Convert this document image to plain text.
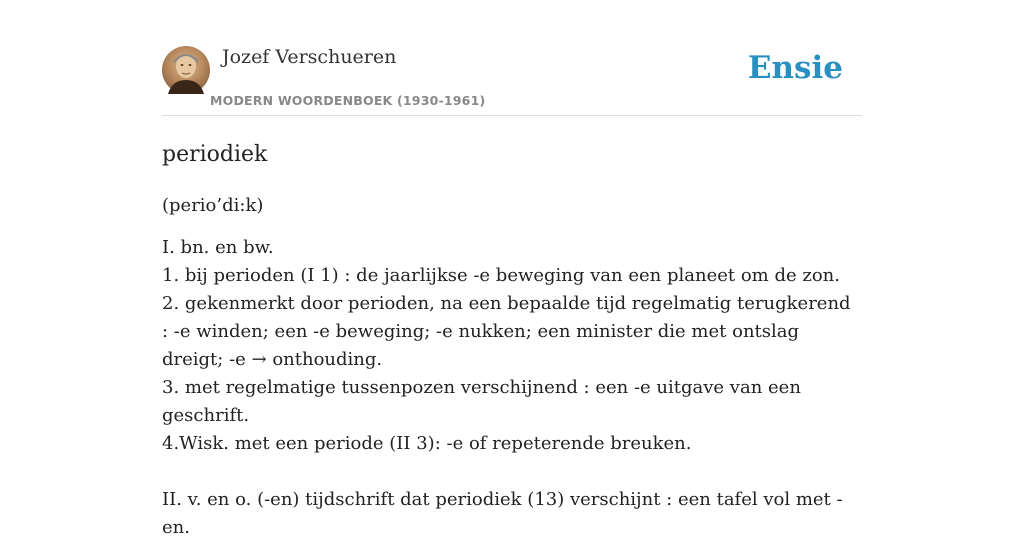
Jozef Verschueren
MODERN WOORDENBOEK (1930-1961)
Ensie
periodiek
(perio’di:k)
I. bn. en bw.
1. bij perioden (I 1) : de jaarlijkse -e beweging van een planeet om de zon.
2. gekenmerkt door perioden, na een bepaalde tijd regelmatig terugkerend : -e winden; een -e beweging; -e nukken; een minister die met ontslag dreigt; -e → onthouding.
3. met regelmatige tussenpozen verschijnend : een -e uitgave van een geschrift.
4.Wisk. met een periode (II 3): -e of repeterende breuken.
II. v. en o. (-en) tijdschrift dat periodiek (13) verschijnt : een tafel vol met -en.
